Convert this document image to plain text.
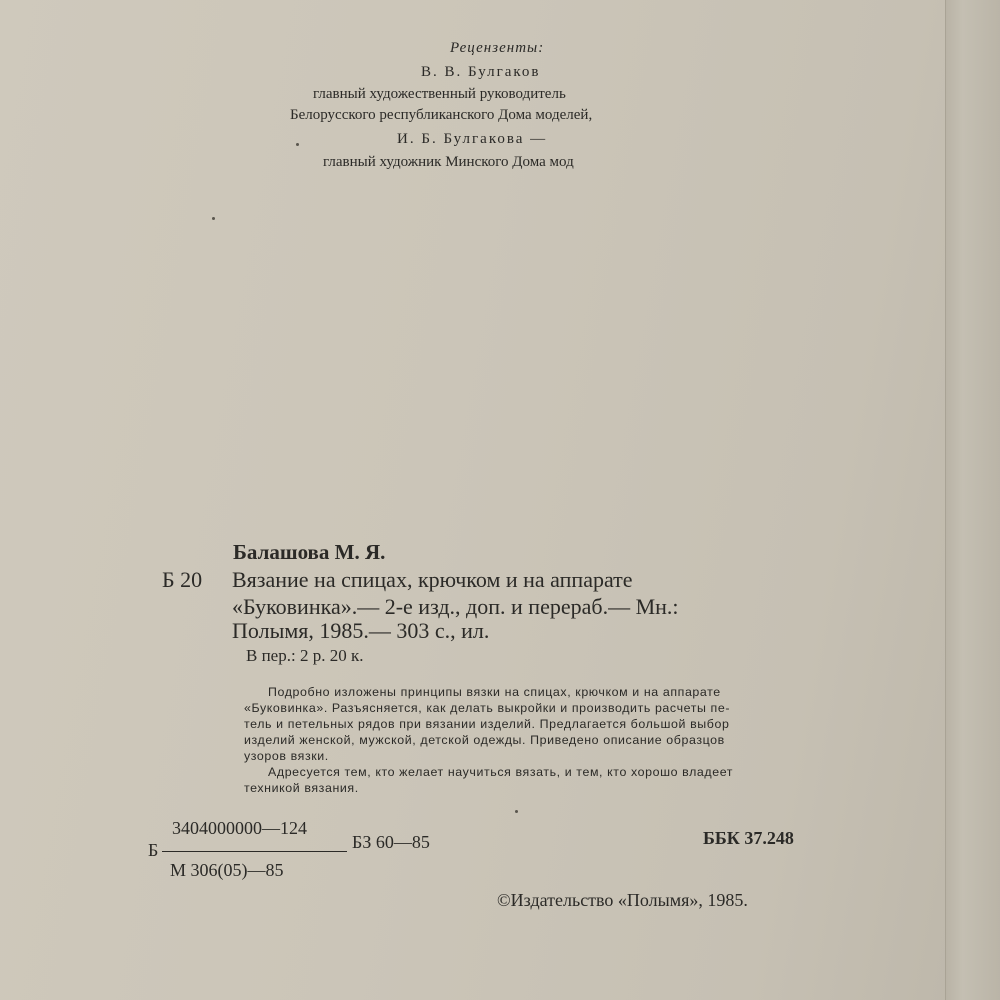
Рецензенты:
В. В. Булгаков
главный художественный руководитель
Белорусского республиканского Дома моделей,
И. Б. Булгакова —
главный художник Минского Дома мод
Балашова М. Я.
Б 20 Вязание на спицах, крючком и на аппарате
«Буковинка».— 2-е изд., доп. и перераб.— Мн.:
Полымя, 1985.— 303 с., ил.
В пер.: 2 р. 20 к.
Подробно изложены принципы вязки на спицах, крючком и на аппарате
«Буковинка». Разъясняется, как делать выкройки и производить расчеты пе-
тель и петельных рядов при вязании изделий. Предлагается большой выбор
изделий женской, мужской, детской одежды. Приведено описание образцов
узоров вязки.
Адресуется тем, кто желает научиться вязать, и тем, кто хорошо владеет
техникой вязания.
3404000000—124
Б
М 306(05)—85
БЗ 60—85	ББК 37.248
©Издательство «Полымя», 1985.
